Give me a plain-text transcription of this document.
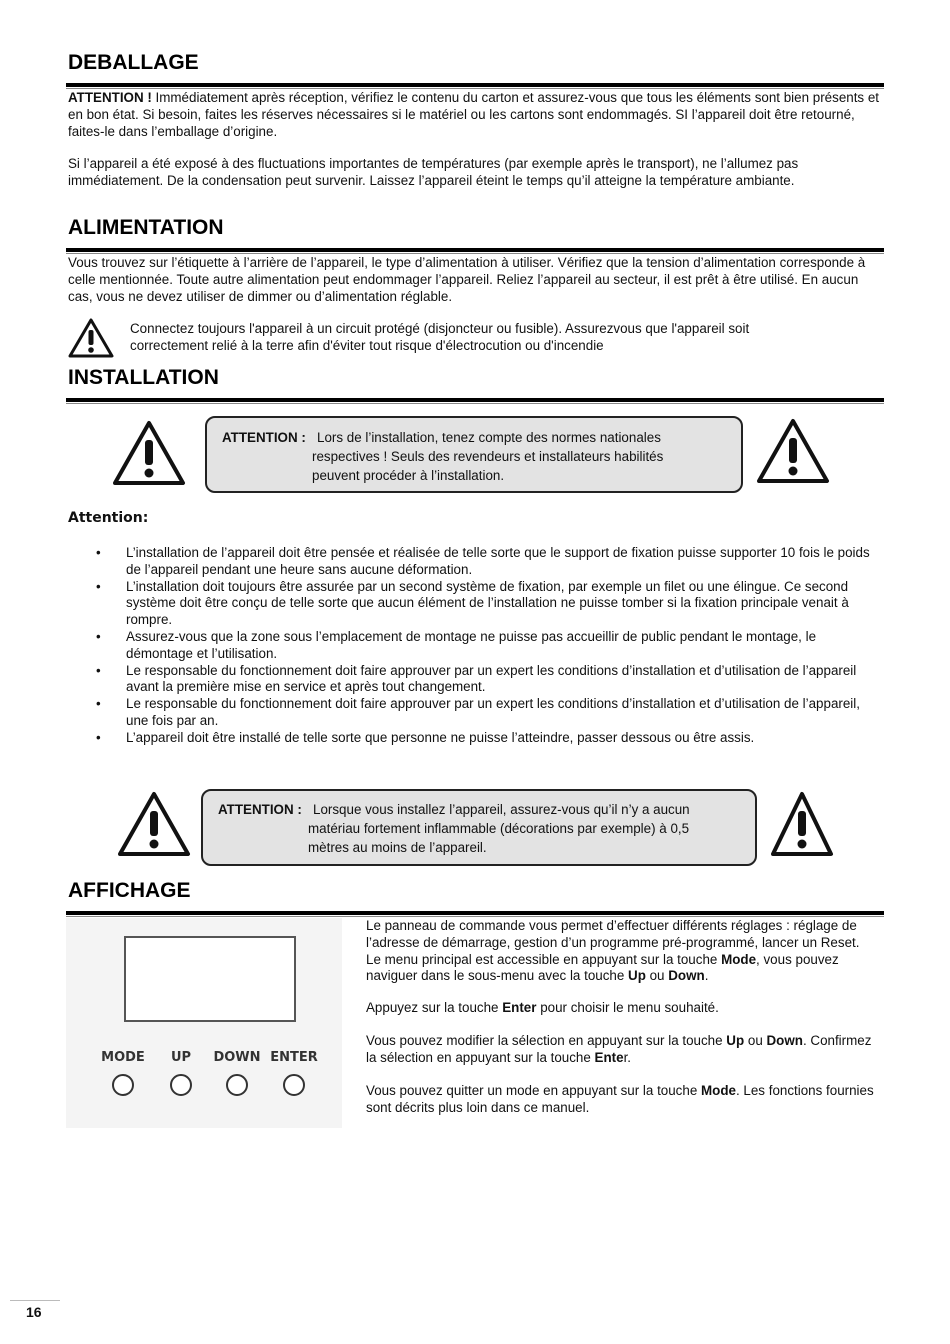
DEBALLAGE
ATTENTION ! Immédiatement après réception, vérifiez le contenu du carton et assurez-vous que tous les éléments sont bien présents et en bon état. Si besoin, faites les réserves nécessaires si le matériel ou les cartons sont endommagés. SI l’appareil doit être retourné, faites-le dans l’emballage d’origine.
Si l’appareil a été exposé à des fluctuations importantes de températures (par exemple après le transport), ne l’allumez pas immédiatement. De la condensation peut survenir. Laissez l’appareil éteint le temps qu’il atteigne la température ambiante.
ALIMENTATION
Vous trouvez sur l’étiquette à l’arrière de l’appareil, le type d’alimentation à utiliser. Vérifiez que la tension d’alimentation corresponde à celle mentionnée. Toute autre alimentation peut endommager l’appareil. Reliez l’appareil au secteur, il est prêt à être utilisé. En aucun cas, vous ne devez utiliser de dimmer ou d’alimentation réglable.
Connectez toujours l'appareil à un circuit protégé (disjoncteur ou fusible). Assurezvous que l'appareil soit correctement relié à la terre afin d'éviter tout risque d'électrocution ou d'incendie
INSTALLATION
ATTENTION : Lors de l’installation, tenez compte des normes nationales
respectives ! Seuls des revendeurs et installateurs habilités
peuvent procéder à l’installation.
Attention:
• L’installation de l’appareil doit être pensée et réalisée de telle sorte que le support de fixation puisse supporter 10 fois le poids de l’appareil pendant une heure sans aucune déformation.
• L’installation doit toujours être assurée par un second système de fixation, par exemple un filet ou une élingue. Ce second système doit être conçu de telle sorte que aucun élément de l’installation ne puisse tomber si la fixation principale venait à rompre.
• Assurez-vous que la zone sous l’emplacement de montage ne puisse pas accueillir de public pendant le montage, le démontage et l’utilisation.
• Le responsable du fonctionnement doit faire approuver par un expert les conditions d’installation et d’utilisation de l’appareil avant la première mise en service et après tout changement.
• Le responsable du fonctionnement doit faire approuver par un expert les conditions d’installation et d’utilisation de l’appareil, une fois par an.
• L’appareil doit être installé de telle sorte que personne ne puisse l’atteindre, passer dessous ou être assis.
ATTENTION : Lorsque vous installez l’appareil, assurez-vous qu’il n’y a aucun
matériau fortement inflammable (décorations par exemple) à 0,5
mètres au moins de l’appareil.
AFFICHAGE
MODE	UP	DOWN ENTER
Le panneau de commande vous permet d’effectuer différents réglages : réglage de l’adresse de démarrage, gestion d’un programme pré-programmé, lancer un Reset. Le menu principal est accessible en appuyant sur la touche Mode, vous pouvez naviguer dans le sous-menu avec la touche Up ou Down.
Appuyez sur la touche Enter pour choisir le menu souhaité.
Vous pouvez modifier la sélection en appuyant sur la touche Up ou Down. Confirmez la sélection en appuyant sur la touche Enter.
Vous pouvez quitter un mode en appuyant sur la touche Mode. Les fonctions fournies sont décrits plus loin dans ce manuel.
16
